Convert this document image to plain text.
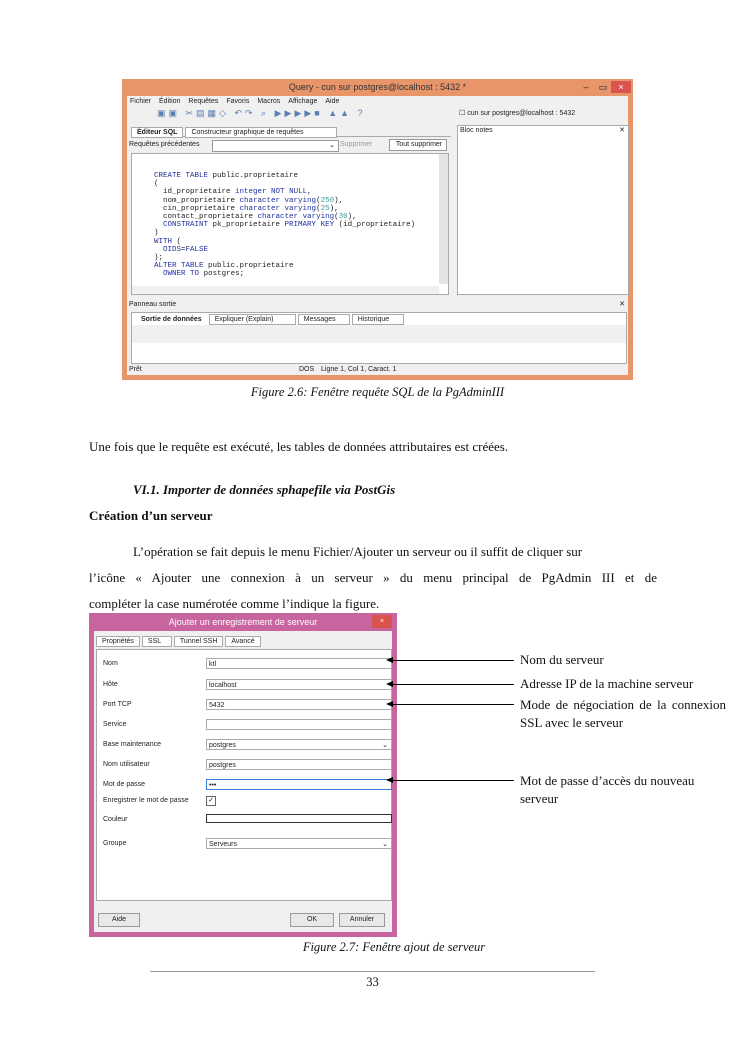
Query - cun sur postgres@localhost : 5432 *	–	▭	×
Fichier Édition Requêtes Favoris Macros Affichage Aide
▣▣ ✂▤▦◇ ↶↷ ⌕ ▶▶▶▶■ ▲▲ ?	☐ cun sur postgres@localhost : 5432
Éditeur SQL Constructeur graphique de requêtes
Requêtes précédentes	⌄ Supprimer	Tout supprimer
CREATE TABLE public.proprietaire
(
id_proprietaire integer NOT NULL,
nom_proprietaire character varying(250),
cin_proprietaire character varying(25),
contact_proprietaire character varying(30),
CONSTRAINT pk_proprietaire PRIMARY KEY (id_proprietaire)
)
WITH (
OIDS=FALSE
);
ALTER TABLE public.proprietaire
OWNER TO postgres;
Bloc notes	✕
Panneau sortie	✕
Sortie de données Expliquer (Explain)	Messages	Historique
Prêt	DOS Ligne 1, Col 1, Caract. 1
Figure 2.6: Fenêtre requête SQL de la PgAdminIII
Une fois que le requête est exécuté, les tables de données attributaires est créées.
VI.1. Importer de données sphapefile via PostGis
Création d’un serveur
L’opération se fait depuis le menu Fichier/Ajouter un serveur ou il suffit de cliquer sur
l’icône « Ajouter une connexion à un serveur » du menu principal de PgAdmin III et de
compléter la case numérotée comme l’indique la figure.
Ajouter un enregistrement de serveur	×
Propriétés SSL	Tunnel SSH Avancé
Nom	ktl
Hôte	localhost
Port TCP	5432
Service
Base maintenance	postgres	⌄
Nom utilisateur	postgres
Mot de passe	•••
Enregistrer le mot de passe	✓
Couleur
Groupe	Serveurs	⌄
Aide	OK	Annuler
Nom du serveur
Adresse IP de la machine serveur
Mode de négociation de la connexion SSL avec le serveur
Mot de passe d’accès du nouveau serveur
Figure 2.7: Fenêtre ajout de serveur
33
